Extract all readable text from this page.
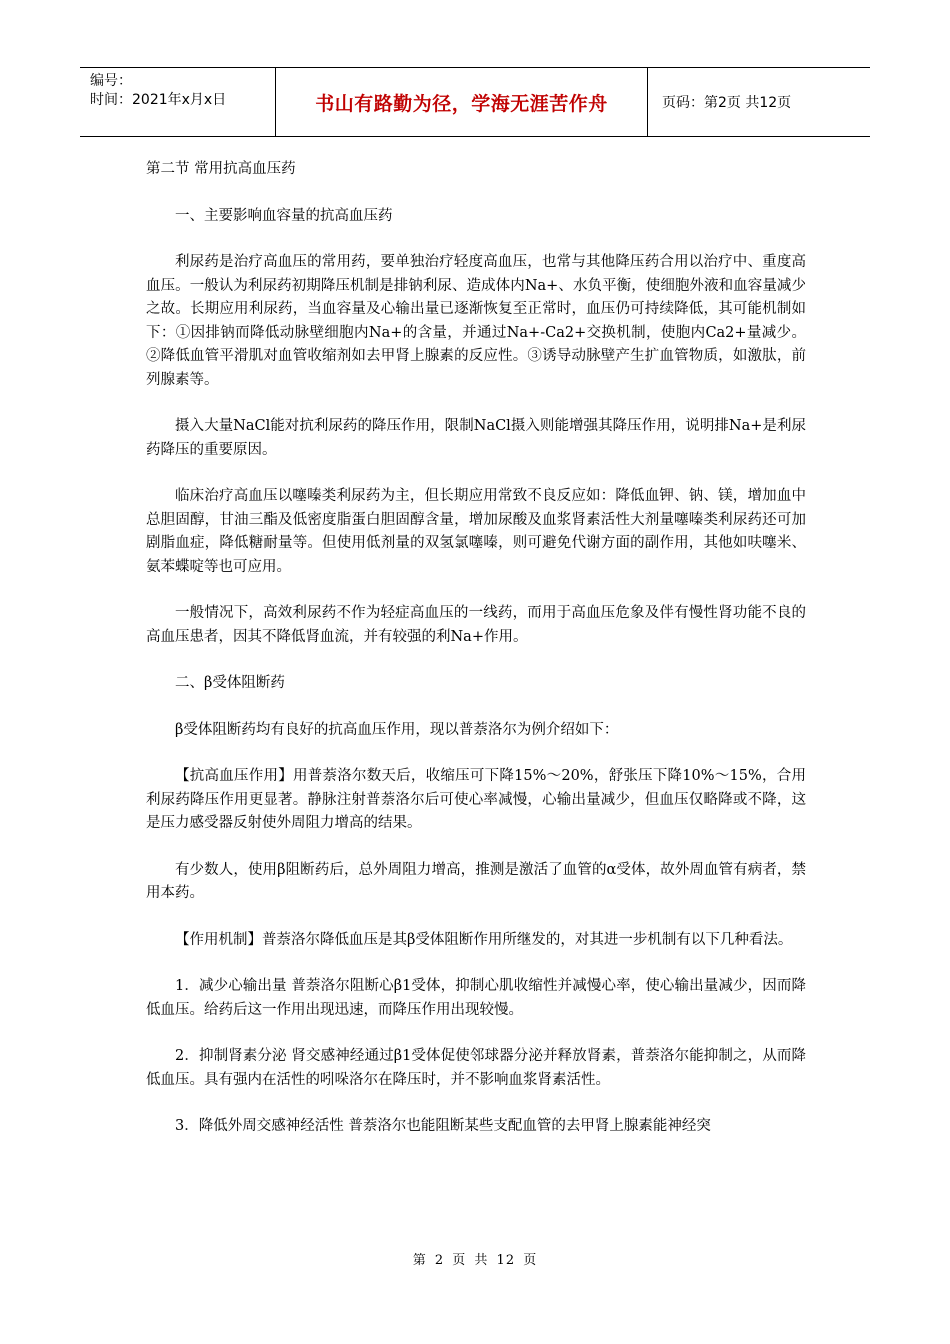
编号：
时间：2021年x月x日	书山有路勤为径，学海无涯苦作舟	页码：第2页 共12页

第二节 常用抗高血压药

一、主要影响血容量的抗高血压药

利尿药是治疗高血压的常用药，要单独治疗轻度高血压，也常与其他降压药合用以治疗中、重度高血压。一般认为利尿药初期降压机制是排钠利尿、造成体内Na+、水负平衡，使细胞外液和血容量减少之故。长期应用利尿药，当血容量及心输出量已逐渐恢复至正常时，血压仍可持续降低，其可能机制如下：①因排钠而降低动脉壁细胞内Na+的含量，并通过Na+-Ca2+交换机制，使胞内Ca2+量减少。②降低血管平滑肌对血管收缩剂如去甲肾上腺素的反应性。③诱导动脉壁产生扩血管物质，如激肽，前列腺素等。

摄入大量NaCl能对抗利尿药的降压作用，限制NaCl摄入则能增强其降压作用，说明排Na+是利尿药降压的重要原因。

临床治疗高血压以噻嗪类利尿药为主，但长期应用常致不良反应如：降低血钾、钠、镁，增加血中总胆固醇，甘油三酯及低密度脂蛋白胆固醇含量，增加尿酸及血浆肾素活性大剂量噻嗪类利尿药还可加剧脂血症，降低糖耐量等。但使用低剂量的双氢氯噻嗪，则可避免代谢方面的副作用，其他如呋噻米、氨苯蝶啶等也可应用。

一般情况下，高效利尿药不作为轻症高血压的一线药，而用于高血压危象及伴有慢性肾功能不良的高血压患者，因其不降低肾血流，并有较强的利Na+作用。

二、β受体阻断药

β受体阻断药均有良好的抗高血压作用，现以普萘洛尔为例介绍如下：

【抗高血压作用】用普萘洛尔数天后，收缩压可下降15%～20%，舒张压下降10%～15%，合用利尿药降压作用更显著。静脉注射普萘洛尔后可使心率减慢，心输出量减少，但血压仅略降或不降，这是压力感受器反射使外周阻力增高的结果。

有少数人，使用β阻断药后，总外周阻力增高，推测是激活了血管的α受体，故外周血管有病者，禁用本药。

【作用机制】普萘洛尔降低血压是其β受体阻断作用所继发的，对其进一步机制有以下几种看法。

1．减少心输出量 普萘洛尔阻断心β1受体，抑制心肌收缩性并减慢心率，使心输出量减少，因而降低血压。给药后这一作用出现迅速，而降压作用出现较慢。

2．抑制肾素分泌 肾交感神经通过β1受体促使邻球器分泌并释放肾素，普萘洛尔能抑制之，从而降低血压。具有强内在活性的吲哚洛尔在降压时，并不影响血浆肾素活性。

3．降低外周交感神经活性 普萘洛尔也能阻断某些支配血管的去甲肾上腺素能神经突

第 2 页 共 12 页
